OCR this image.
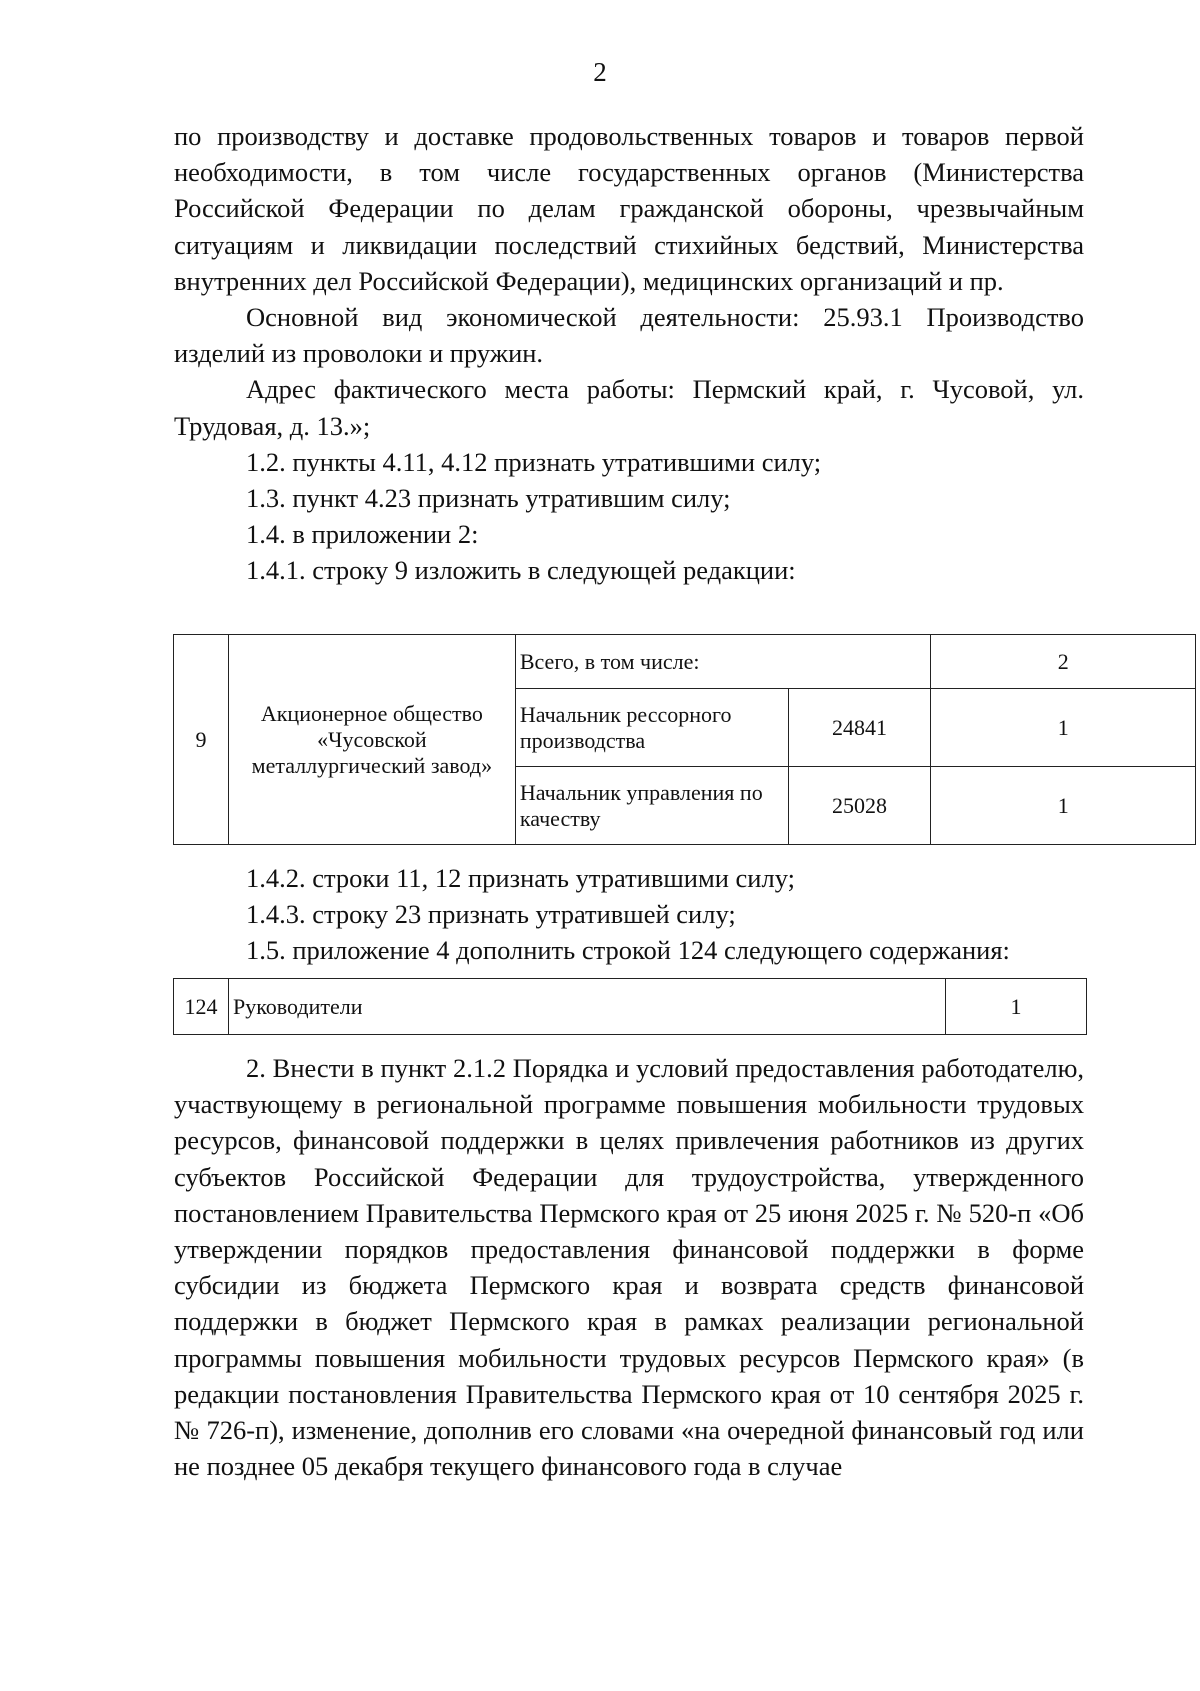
2

по производству и доставке продовольственных товаров и товаров первой необходимости, в том числе государственных органов (Министерства Российской Федерации по делам гражданской обороны, чрезвычайным ситуациям и ликвидации последствий стихийных бедствий, Министерства внутренних дел Российской Федерации), медицинских организаций и пр.

Основной вид экономической деятельности: 25.93.1 Производство изделий из проволоки и пружин.

Адрес фактического места работы: Пермский край, г. Чусовой, ул. Трудовая, д. 13.»;

1.2. пункты 4.11, 4.12 признать утратившими силу;

1.3. пункт 4.23 признать утратившим силу;

1.4. в приложении 2:

1.4.1. строку 9 изложить в следующей редакции:

9	Акционерное общество «Чусовской металлургический завод»	Всего, в том числе:		2
		Начальник рессорного производства	24841	1
		Начальник управления по качеству	25028	1

1.4.2. строки 11, 12 признать утратившими силу;

1.4.3. строку 23 признать утратившей силу;

1.5. приложение 4 дополнить строкой 124 следующего содержания:

124	Руководители	1

2. Внести в пункт 2.1.2 Порядка и условий предоставления работодателю, участвующему в региональной программе повышения мобильности трудовых ресурсов, финансовой поддержки в целях привлечения работников из других субъектов Российской Федерации для трудоустройства, утвержденного постановлением Правительства Пермского края от 25 июня 2025 г. № 520-п «Об утверждении порядков предоставления финансовой поддержки в форме субсидии из бюджета Пермского края и возврата средств финансовой поддержки в бюджет Пермского края в рамках реализации региональной программы повышения мобильности трудовых ресурсов Пермского края» (в редакции постановления Правительства Пермского края от 10 сентября 2025 г. № 726-п), изменение, дополнив его словами «на очередной финансовый год или не позднее 05 декабря текущего финансового года в случае
